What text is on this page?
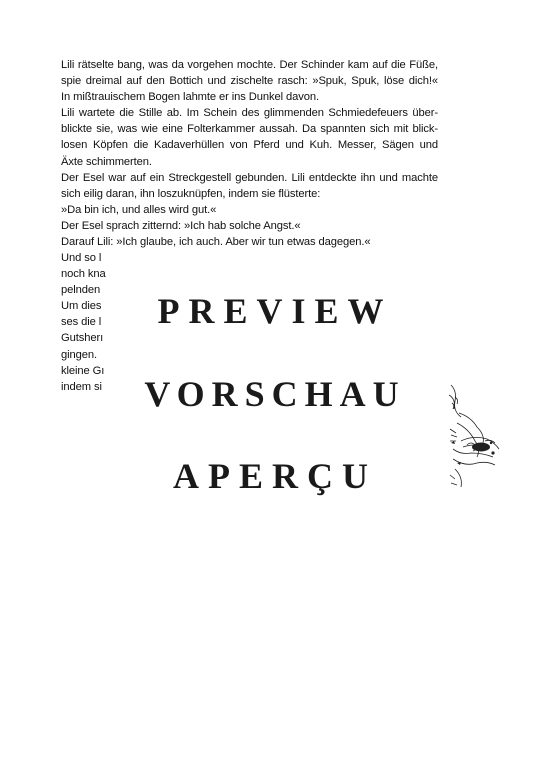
Lili rätselte bang, was da vorgehen mochte. Der Schinder kam auf die Füße,
spie dreimal auf den Bottich und zischelte rasch: »Spuk, Spuk, löse dich!«
In mißtrauischem Bogen lahmte er ins Dunkel davon.
Lili wartete die Stille ab. Im Schein des glimmenden Schmiedefeuers über-
blickte sie, was wie eine Folterkammer aussah. Da spannten sich mit blick-
losen Köpfen die Kadaverhüllen von Pferd und Kuh. Messer, Sägen und
Äxte schimmerten.
Der Esel war auf ein Streckgestell gebunden. Lili entdeckte ihn und machte
sich eilig daran, ihn loszuknüpfen, indem sie flüsterte:
»Da bin ich, und alles wird gut.«
Der Esel sprach zitternd: »Ich hab solche Angst.«
Darauf Lili: »Ich glaube, ich auch. Aber wir tun etwas dagegen.«
Und so l
noch kna
pelnden
Um dies
ses die l
Gutsherı
gingen.
kleine Gı
indem si
PREVIEW
VORSCHAU
APERÇU
